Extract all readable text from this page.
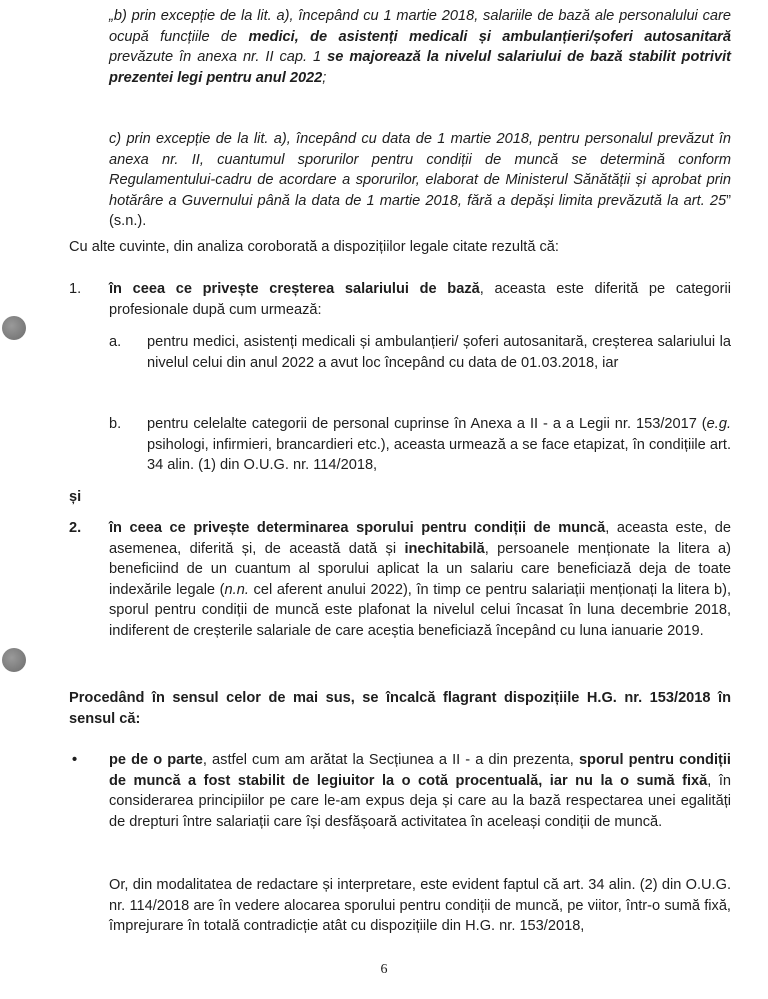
„b) prin excepție de la lit. a), începând cu 1 martie 2018, salariile de bază ale personalului care ocupă funcțiile de medici, de asistenți medicali și ambulanțieri/șoferi autosanitară prevăzute în anexa nr. II cap. 1 se majorează la nivelul salariului de bază stabilit potrivit prezentei legi pentru anul 2022;

c) prin excepție de la lit. a), începând cu data de 1 martie 2018, pentru personalul prevăzut în anexa nr. II, cuantumul sporurilor pentru condiții de muncă se determină conform Regulamentului-cadru de acordare a sporurilor, elaborat de Ministerul Sănătății și aprobat prin hotărâre a Guvernului până la data de 1 martie 2018, fără a depăși limita prevăzută la art. 25” (s.n.).

Cu alte cuvinte, din analiza coroborată a dispozițiilor legale citate rezultă că:

1. în ceea ce privește creșterea salariului de bază, aceasta este diferită pe categorii profesionale după cum urmează:

a. pentru medici, asistenți medicali și ambulanțieri/ șoferi autosanitară, creșterea salariului la nivelul celui din anul 2022 a avut loc începând cu data de 01.03.2018, iar

b. pentru celelalte categorii de personal cuprinse în Anexa a II - a a Legii nr. 153/2017 (e.g. psihologi, infirmieri, brancardieri etc.), aceasta urmează a se face etapizat, în condițiile art. 34 alin. (1) din O.U.G. nr. 114/2018,

și
2. în ceea ce privește determinarea sporului pentru condiții de muncă, aceasta este, de asemenea, diferită și, de această dată și inechitabilă, persoanele menționate la litera a) beneficiind de un cuantum al sporului aplicat la un salariu care beneficiază deja de toate indexările legale (n.n. cel aferent anului 2022), în timp ce pentru salariații menționați la litera b), sporul pentru condiții de muncă este plafonat la nivelul celui încasat în luna decembrie 2018, indiferent de creșterile salariale de care aceștia beneficiază începând cu luna ianuarie 2019.

Procedând în sensul celor de mai sus, se încalcă flagrant dispozițiile H.G. nr. 153/2018 în sensul că:

• pe de o parte, astfel cum am arătat la Secțiunea a II - a din prezenta, sporul pentru condiții de muncă a fost stabilit de legiuitor la o cotă procentuală, iar nu la o sumă fixă, în considerarea principiilor pe care le-am expus deja și care au la bază respectarea unei egalități de drepturi între salariații care își desfășoară activitatea în aceleași condiții de muncă.

Or, din modalitatea de redactare și interpretare, este evident faptul că art. 34 alin. (2) din O.U.G. nr. 114/2018 are în vedere alocarea sporului pentru condiții de muncă, pe viitor, într-o sumă fixă, împrejurare în totală contradicție atât cu dispozițiile din H.G. nr. 153/2018,

6
